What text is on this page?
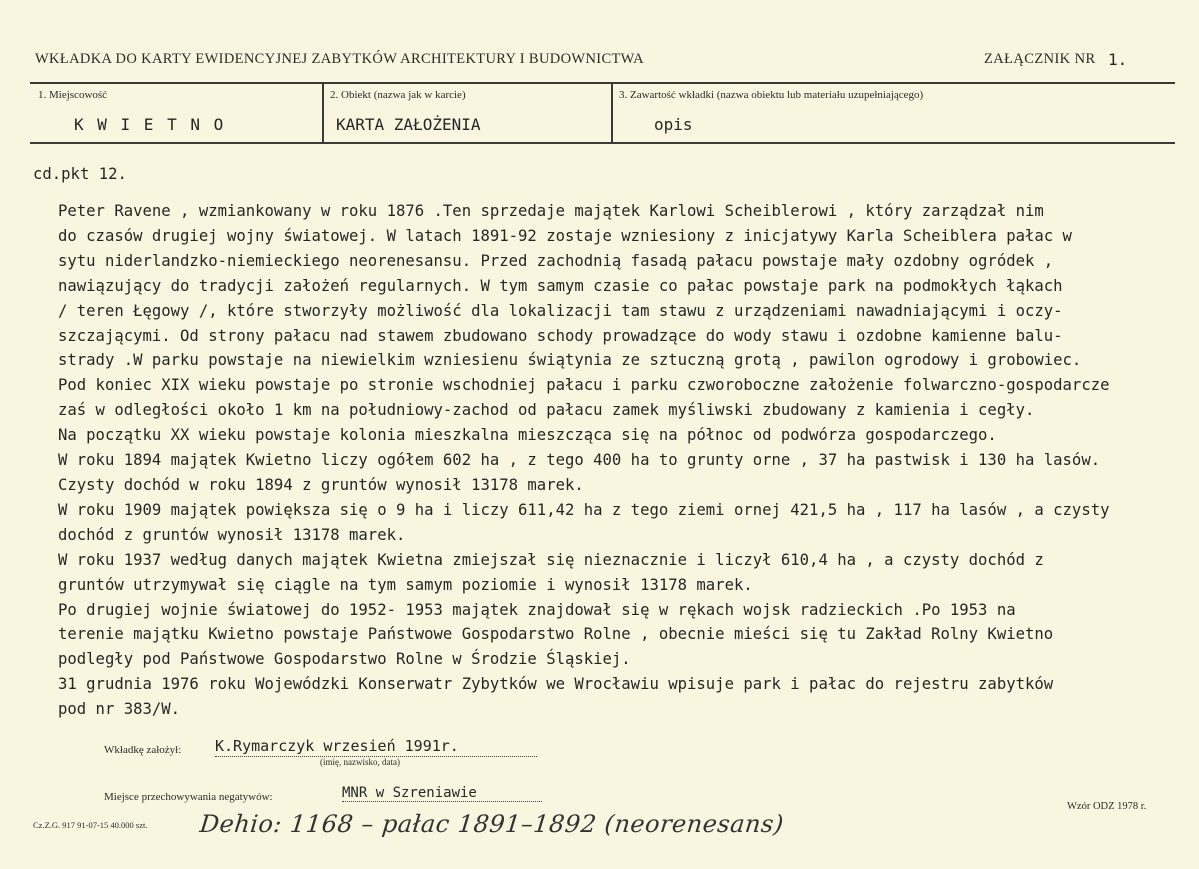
WKŁADKA DO KARTY EWIDENCYJNEJ ZABYTKÓW ARCHITEKTURY I BUDOWNICTWA	ZAŁĄCZNIK NR 1.
1. Miejscowość
K W I E T N O
2. Obiekt (nazwa jak w karcie)
KARTA ZAŁOŻENIA
3. Zawartość wkładki (nazwa obiektu lub materiału uzupełniającego)
opis
cd.pkt 12.
Peter Ravene , wzmiankowany w roku 1876 .Ten sprzedaje majątek Karlowi Scheiblerowi , który zarządzał nim
do czasów drugiej wojny światowej. W latach 1891-92 zostaje wzniesiony z inicjatywy Karla Scheiblera pałac w
sytu niderlandzko-niemieckiego neorenesansu. Przed zachodnią fasadą pałacu powstaje mały ozdobny ogródek ,
nawiązujący do tradycji założeń regularnych. W tym samym czasie co pałac powstaje park na podmokłych łąkach
/ teren Łęgowy /, które stworzyły możliwość dla lokalizacji tam stawu z urządzeniami nawadniającymi i oczy-
szczającymi. Od strony pałacu nad stawem zbudowano schody prowadzące do wody stawu i ozdobne kamienne balu-
strady .W parku powstaje na niewielkim wzniesienu świątynia ze sztuczną grotą , pawilon ogrodowy i grobowiec.
Pod koniec XIX wieku powstaje po stronie wschodniej pałacu i parku czworoboczne założenie folwarczno-gospodarcze
zaś w odległości około 1 km na południowy-zachod od pałacu zamek myśliwski zbudowany z kamienia i cegły.
Na początku XX wieku powstaje kolonia mieszkalna mieszcząca się na północ od podwórza gospodarczego.
W roku 1894 majątek Kwietno liczy ogółem 602 ha , z tego 400 ha to grunty orne , 37 ha pastwisk i 130 ha lasów.
Czysty dochód w roku 1894 z gruntów wynosił 13178 marek.
W roku 1909 majątek powiększa się o 9 ha i liczy 611,42 ha z tego ziemi ornej 421,5 ha , 117 ha lasów , a czysty
dochód z gruntów wynosił 13178 marek.
W roku 1937 według danych majątek Kwietna zmiejszał się nieznacznie i liczył 610,4 ha , a czysty dochód z
gruntów utrzymywał się ciągle na tym samym poziomie i wynosił 13178 marek.
Po drugiej wojnie światowej do 1952- 1953 majątek znajdował się w rękach wojsk radzieckich .Po 1953 na
terenie majątku Kwietno powstaje Państwowe Gospodarstwo Rolne , obecnie mieści się tu Zakład Rolny Kwietno
podległy pod Państwowe Gospodarstwo Rolne w Środzie Śląskiej.
31 grudnia 1976 roku Wojewódzki Konserwatr Zybytków we Wrocławiu wpisuje park i pałac do rejestru zabytków
pod nr 383/W.
Wkładkę założył: K.Rymarczyk wrzesień 1991r.
(imię, nazwisko, data)
Miejsce przechowywania negatywów:	MNR w Szreniawie
Cz.Z.G. 917 91-07-15 40.000 szt. Dehio: 1168 – pałac 1891–1892 (neorenesans)
Wzór ODZ 1978 r.
